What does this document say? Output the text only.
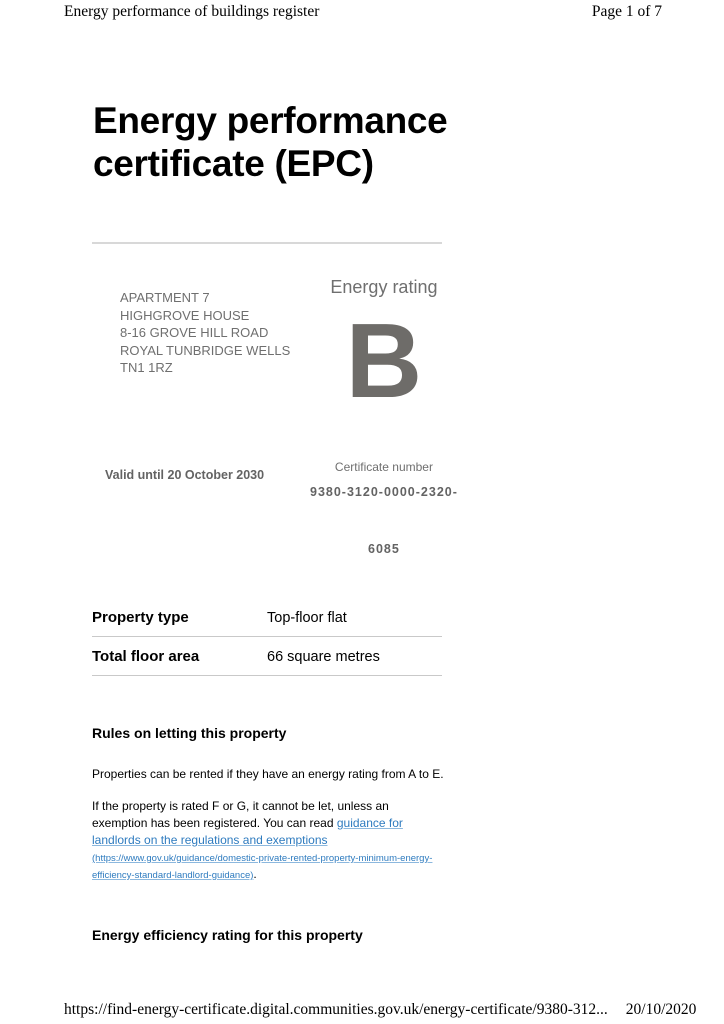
Energy performance of buildings register	Page 1 of 7
Energy performance certificate (EPC)
APARTMENT 7
HIGHGROVE HOUSE
8-16 GROVE HILL ROAD
ROYAL TUNBRIDGE WELLS
TN1 1RZ
Energy rating
B
Valid until 20 October 2030
Certificate number
9380-3120-0000-2320-
6085
Property type	Top-floor flat
Total floor area	66 square metres
Rules on letting this property

Properties can be rented if they have an energy rating from A to E.

If the property is rated F or G, it cannot be let, unless an exemption has been registered. You can read guidance for landlords on the regulations and exemptions (https://www.gov.uk/guidance/domestic-private-rented-property-minimum-energy-efficiency-standard-landlord-guidance).

Energy efficiency rating for this property
https://find-energy-certificate.digital.communities.gov.uk/energy-certificate/9380-312... 20/10/2020
